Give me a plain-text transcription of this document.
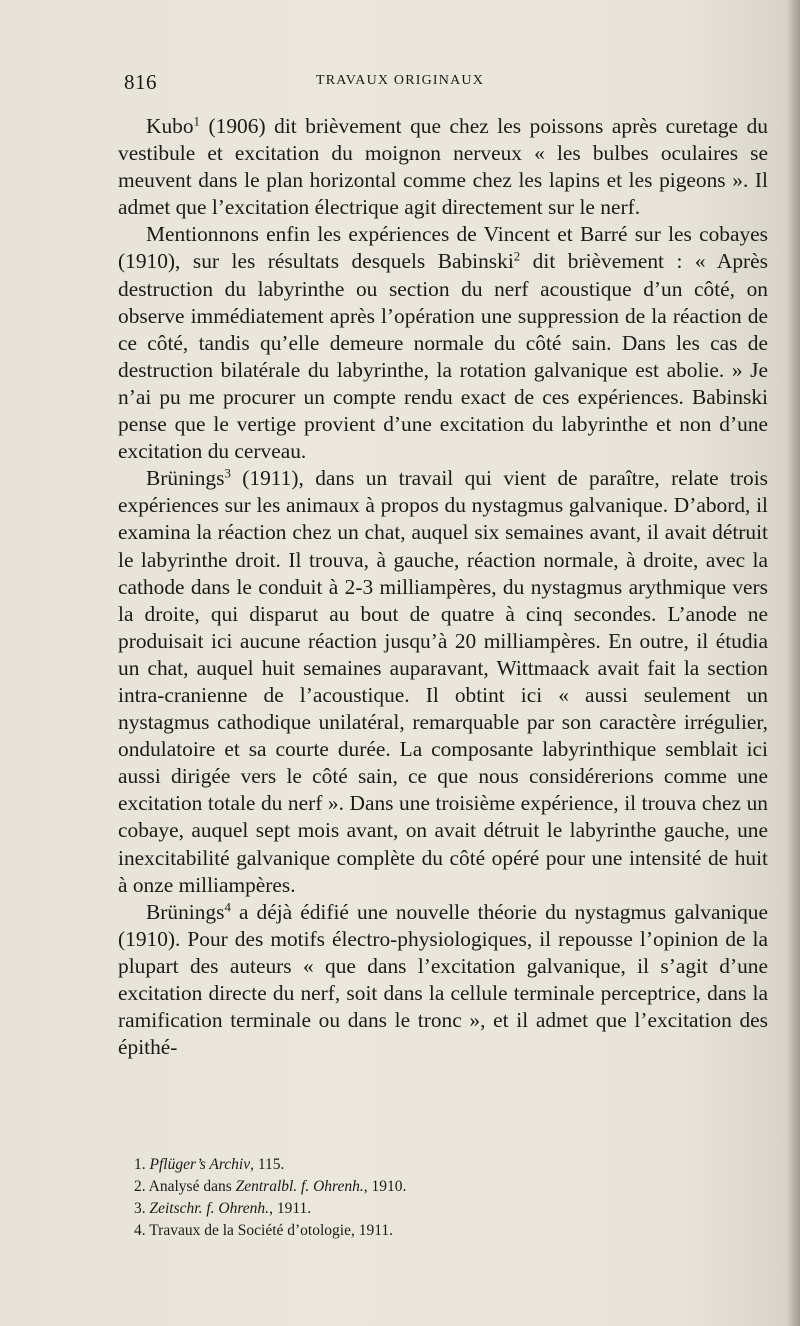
816	TRAVAUX ORIGINAUX

Kubo$^1$ (1906) dit brièvement que chez les poissons après curetage du vestibule et excitation du moignon nerveux « les bulbes oculaires se meuvent dans le plan horizontal comme chez les lapins et les pigeons ». Il admet que l’excitation électrique agit directement sur le nerf.

Mentionnons enfin les expériences de Vincent et Barré sur les cobayes (1910), sur les résultats desquels Babinski$^2$ dit brièvement : « Après destruction du labyrinthe ou section du nerf acoustique d’un côté, on observe immédiatement après l’opération une suppression de la réaction de ce côté, tandis qu’elle demeure normale du côté sain. Dans les cas de destruction bilatérale du labyrinthe, la rotation galvanique est abolie. » Je n’ai pu me procurer un compte rendu exact de ces expériences. Babinski pense que le vertige provient d’une excitation du labyrinthe et non d’une excitation du cerveau.

Brünings$^3$ (1911), dans un travail qui vient de paraître, relate trois expériences sur les animaux à propos du nystagmus galvanique. D’abord, il examina la réaction chez un chat, auquel six semaines avant, il avait détruit le labyrinthe droit. Il trouva, à gauche, réaction normale, à droite, avec la cathode dans le conduit à 2-3 milliampères, du nystagmus arythmique vers la droite, qui disparut au bout de quatre à cinq secondes. L’anode ne produisait ici aucune réaction jusqu’à 20 milliampères. En outre, il étudia un chat, auquel huit semaines auparavant, Wittmaack avait fait la section intra-cranienne de l’acoustique. Il obtint ici « aussi seulement un nystagmus cathodique unilatéral, remarquable par son caractère irrégulier, ondulatoire et sa courte durée. La composante labyrinthique semblait ici aussi dirigée vers le côté sain, ce que nous considérerions comme une excitation totale du nerf ». Dans une troisième expérience, il trouva chez un cobaye, auquel sept mois avant, on avait détruit le labyrinthe gauche, une inexcitabilité galvanique complète du côté opéré pour une intensité de huit à onze milliampères.

Brünings$^4$ a déjà édifié une nouvelle théorie du nystagmus galvanique (1910). Pour des motifs électro-physiologiques, il repousse l’opinion de la plupart des auteurs « que dans l’excitation galvanique, il s’agit d’une excitation directe du nerf, soit dans la cellule terminale perceptrice, dans la ramification terminale ou dans le tronc », et il admet que l’excitation des épithé-

1. Pflüger’s Archiv, 115.
2. Analysé dans Zentralbl. f. Ohrenh., 1910.
3. Zeitschr. f. Ohrenh., 1911.
4. Travaux de la Société d’otologie, 1911.
